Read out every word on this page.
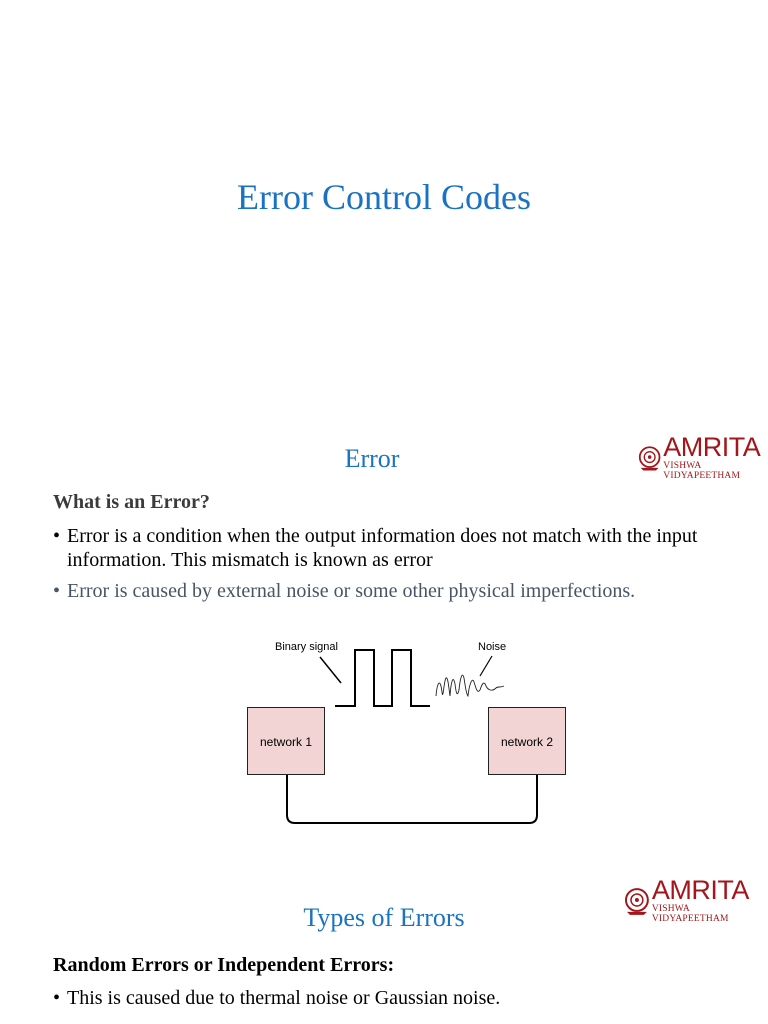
Error Control Codes
Error	AMRITA
VISHWA VIDYAPEETHAM
What is an Error?
• Error is a condition when the output information does not match with the input information. This mismatch is known as error
• Error is caused by external noise or some other physical imperfections.
Binary signal	Noise
network 1	network 2
AMRITA
VISHWA VIDYAPEETHAM
Types of Errors
Random Errors or Independent Errors:
• This is caused due to thermal noise or Gaussian noise.
